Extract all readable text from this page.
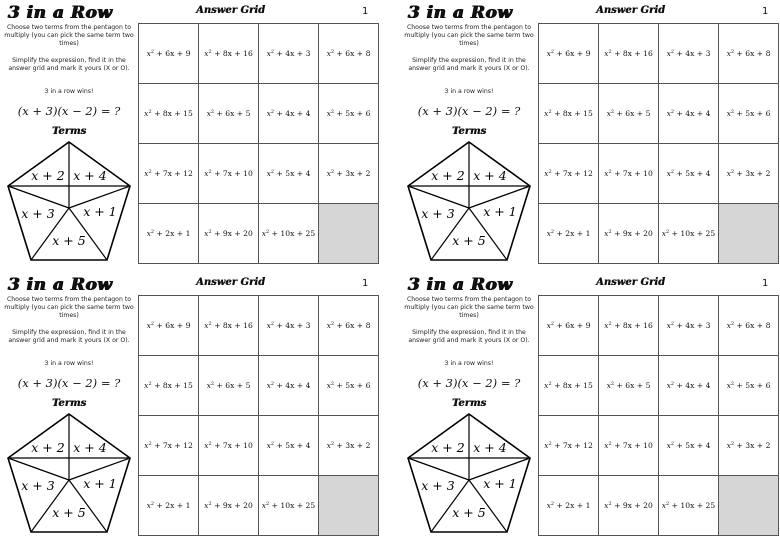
3 in a Row
Choose two terms from the pentagon to multiply (you can pick the same term two times)
Simplify the expression, find it in the answer grid and mark it yours (X or O).
3 in a row wins!
(x + 3)(x − 2) = ?
Terms
x + 2 x + 4
x + 3 x + 1
x + 5
Answer Grid	1
$x^2 + 6x + 9$	$x^2 + 8x + 16$	$x^2 + 4x + 3$	$x^2 + 6x + 8$
$x^2 + 8x + 15$	$x^2 + 6x + 5$	$x^2 + 4x + 4$	$x^2 + 5x + 6$
$x^2 + 7x + 12$	$x^2 + 7x + 10$	$x^2 + 5x + 4$	$x^2 + 3x + 2$
$x^2 + 2x + 1$	$x^2 + 9x + 20$	$x^2 + 10x + 25$	
3 in a Row
Choose two terms from the pentagon to multiply (you can pick the same term two times)
Simplify the expression, find it in the answer grid and mark it yours (X or O).
3 in a row wins!
(x + 3)(x − 2) = ?
Terms
x + 2 x + 4
x + 3 x + 1
x + 5
Answer Grid	1
$x^2 + 6x + 9$	$x^2 + 8x + 16$	$x^2 + 4x + 3$	$x^2 + 6x + 8$
$x^2 + 8x + 15$	$x^2 + 6x + 5$	$x^2 + 4x + 4$	$x^2 + 5x + 6$
$x^2 + 7x + 12$	$x^2 + 7x + 10$	$x^2 + 5x + 4$	$x^2 + 3x + 2$
$x^2 + 2x + 1$	$x^2 + 9x + 20$	$x^2 + 10x + 25$	
3 in a Row
Choose two terms from the pentagon to multiply (you can pick the same term two times)
Simplify the expression, find it in the answer grid and mark it yours (X or O).
3 in a row wins!
(x + 3)(x − 2) = ?
Terms
x + 2 x + 4
x + 3 x + 1
x + 5
Answer Grid	1
$x^2 + 6x + 9$	$x^2 + 8x + 16$	$x^2 + 4x + 3$	$x^2 + 6x + 8$
$x^2 + 8x + 15$	$x^2 + 6x + 5$	$x^2 + 4x + 4$	$x^2 + 5x + 6$
$x^2 + 7x + 12$	$x^2 + 7x + 10$	$x^2 + 5x + 4$	$x^2 + 3x + 2$
$x^2 + 2x + 1$	$x^2 + 9x + 20$	$x^2 + 10x + 25$	
3 in a Row
Choose two terms from the pentagon to multiply (you can pick the same term two times)
Simplify the expression, find it in the answer grid and mark it yours (X or O).
3 in a row wins!
(x + 3)(x − 2) = ?
Terms
x + 2 x + 4
x + 3 x + 1
x + 5
Answer Grid	1
$x^2 + 6x + 9$	$x^2 + 8x + 16$	$x^2 + 4x + 3$	$x^2 + 6x + 8$
$x^2 + 8x + 15$	$x^2 + 6x + 5$	$x^2 + 4x + 4$	$x^2 + 5x + 6$
$x^2 + 7x + 12$	$x^2 + 7x + 10$	$x^2 + 5x + 4$	$x^2 + 3x + 2$
$x^2 + 2x + 1$	$x^2 + 9x + 20$	$x^2 + 10x + 25$	
